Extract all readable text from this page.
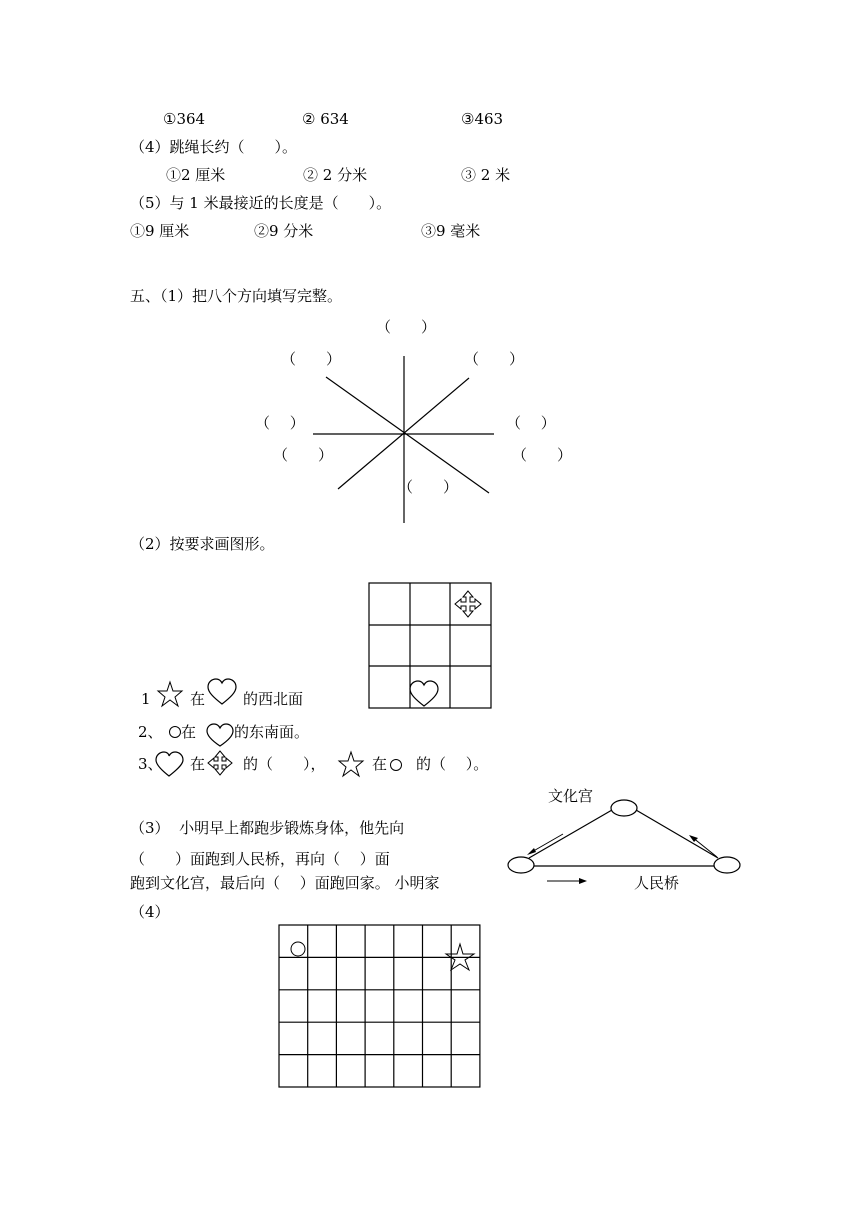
①364	② 634	③463
（4）跳绳长约（　　）。
①2 厘米	② 2 分米	③ 2 米
（5）与 1 米最接近的长度是（　　）。
①9 厘米	②9 分米	③9 毫米
五、（1）把八个方向填写完整。
（　　）
（　　）	（　　）
（　 ）	（　 ）
（　　）	（　　）
（　　）
（2）按要求画图形。
1	在	的西北面
2、 在	的东南面。
3、 在	的（　　），	在 的（　 ）。
文化宫
（3）  小明早上都跑步锻炼身体，他先向
（　　）面跑到人民桥，再向（　 ）面
跑到文化宫，最后向（　 ）面跑回家。 小明家	人民桥
（4）
